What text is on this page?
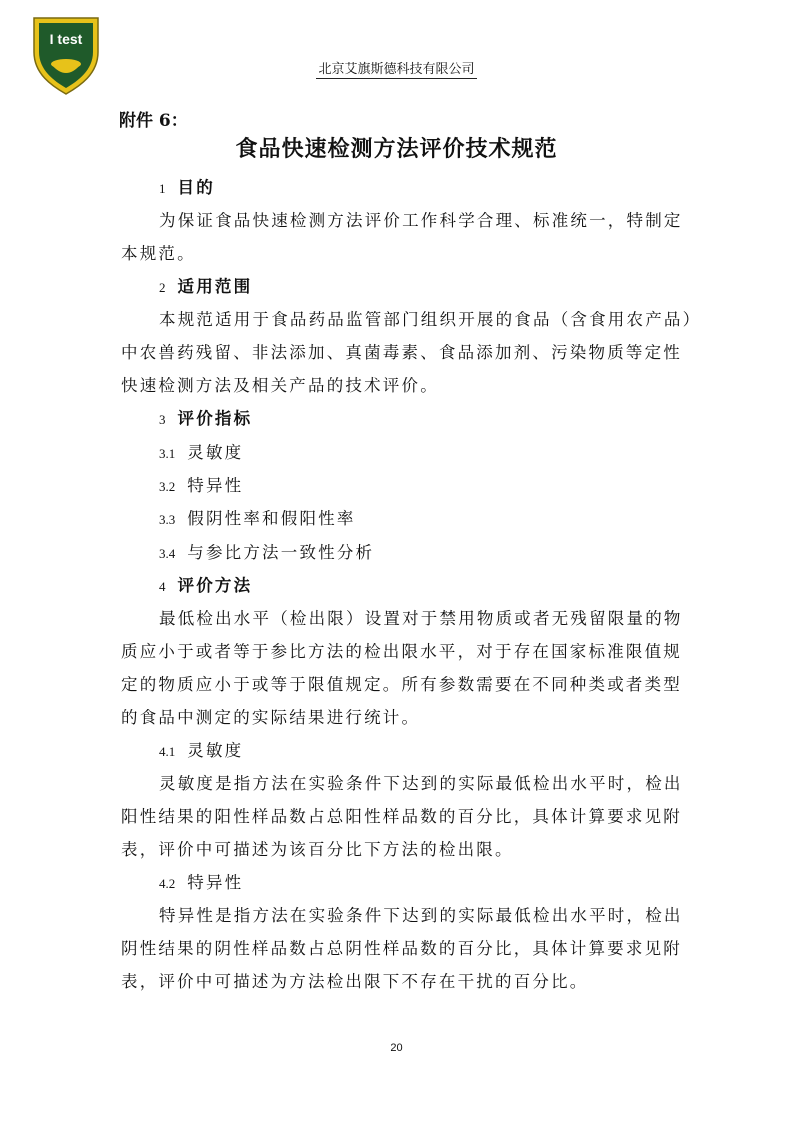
I test
北京艾旗斯德科技有限公司
附件 6：
食品快速检测方法评价技术规范
1 目的
为保证食品快速检测方法评价工作科学合理、标准统一，特制定
本规范。
2 适用范围
本规范适用于食品药品监管部门组织开展的食品（含食用农产品）
中农兽药残留、非法添加、真菌毒素、食品添加剂、污染物质等定性
快速检测方法及相关产品的技术评价。
3 评价指标
3.1 灵敏度
3.2 特异性
3.3 假阴性率和假阳性率
3.4 与参比方法一致性分析
4 评价方法
最低检出水平（检出限）设置对于禁用物质或者无残留限量的物
质应小于或者等于参比方法的检出限水平，对于存在国家标准限值规
定的物质应小于或等于限值规定。所有参数需要在不同种类或者类型
的食品中测定的实际结果进行统计。
4.1 灵敏度
灵敏度是指方法在实验条件下达到的实际最低检出水平时，检出
阳性结果的阳性样品数占总阳性样品数的百分比，具体计算要求见附
表，评价中可描述为该百分比下方法的检出限。
4.2 特异性
特异性是指方法在实验条件下达到的实际最低检出水平时，检出
阴性结果的阴性样品数占总阴性样品数的百分比，具体计算要求见附
表，评价中可描述为方法检出限下不存在干扰的百分比。
20
